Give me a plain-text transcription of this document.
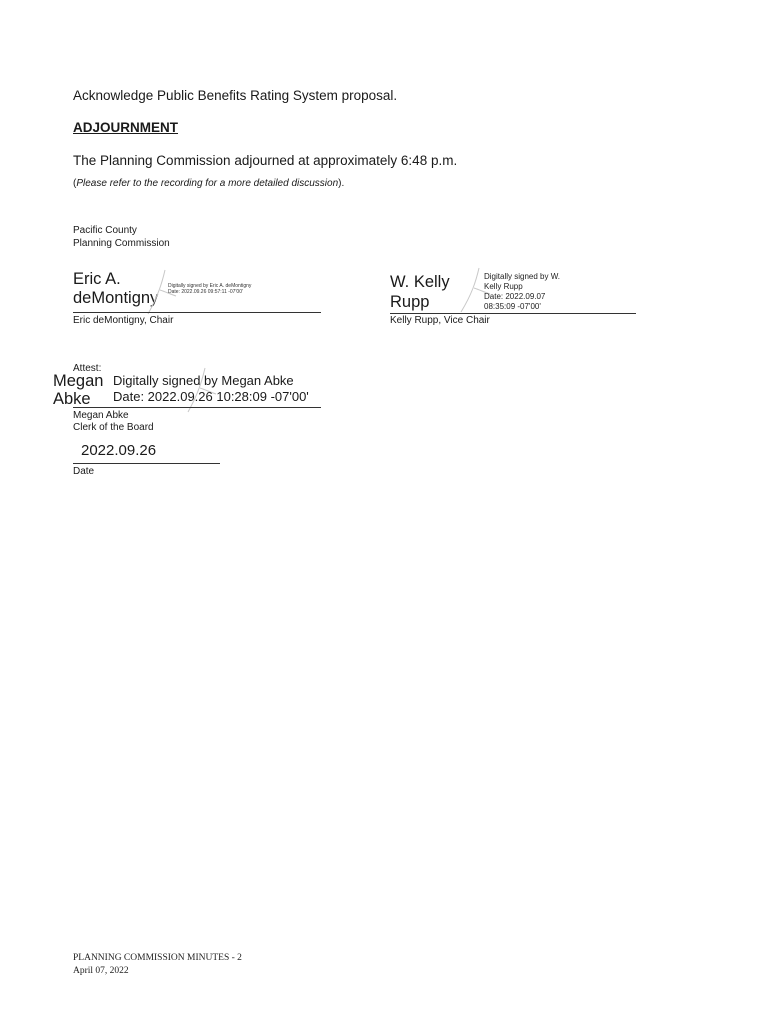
Acknowledge Public Benefits Rating System proposal.
ADJOURNMENT
The Planning Commission adjourned at approximately 6:48 p.m.
(Please refer to the recording for a more detailed discussion).
Pacific County
Planning Commission
Eric A.
deMontigny
Digitally signed by Eric A. deMontigny
Date: 2022.09.26 09:57:11 -07'00'
Eric deMontigny, Chair
W. Kelly
Rupp
Digitally signed by W.
Kelly Rupp
Date: 2022.09.07
08:35:09 -07'00'
Kelly Rupp, Vice Chair
Attest:
Megan
Abke
Digitally signed by Megan Abke
Date: 2022.09.26 10:28:09 -07'00'
Megan Abke
Clerk of the Board
2022.09.26
Date
PLANNING COMMISSION MINUTES - 2
April 07, 2022
